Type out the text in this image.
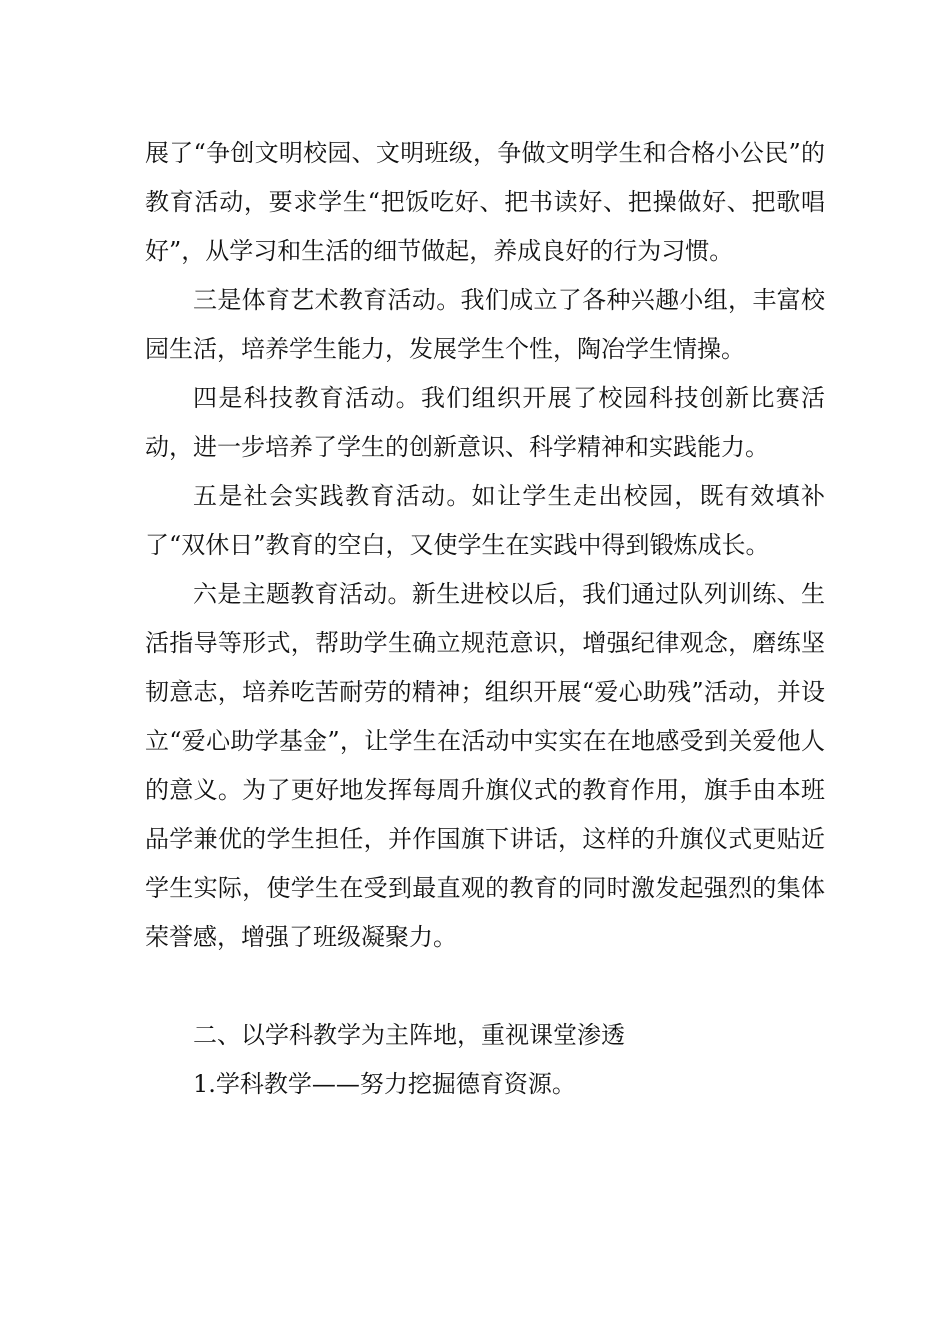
展了“争创文明校园、文明班级，争做文明学生和合格小公民”的教育活动，要求学生“把饭吃好、把书读好、把操做好、把歌唱好”，从学习和生活的细节做起，养成良好的行为习惯。

三是体育艺术教育活动。我们成立了各种兴趣小组，丰富校园生活，培养学生能力，发展学生个性，陶冶学生情操。

四是科技教育活动。我们组织开展了校园科技创新比赛活动，进一步培养了学生的创新意识、科学精神和实践能力。

五是社会实践教育活动。如让学生走出校园，既有效填补了“双休日”教育的空白，又使学生在实践中得到锻炼成长。

六是主题教育活动。新生进校以后，我们通过队列训练、生活指导等形式，帮助学生确立规范意识，增强纪律观念，磨练坚韧意志，培养吃苦耐劳的精神；组织开展“爱心助残”活动，并设立“爱心助学基金”，让学生在活动中实实在在地感受到关爱他人的意义。为了更好地发挥每周升旗仪式的教育作用，旗手由本班品学兼优的学生担任，并作国旗下讲话，这样的升旗仪式更贴近学生实际，使学生在受到最直观的教育的同时激发起强烈的集体荣誉感，增强了班级凝聚力。

二、以学科教学为主阵地，重视课堂渗透

1.学科教学——努力挖掘德育资源。
